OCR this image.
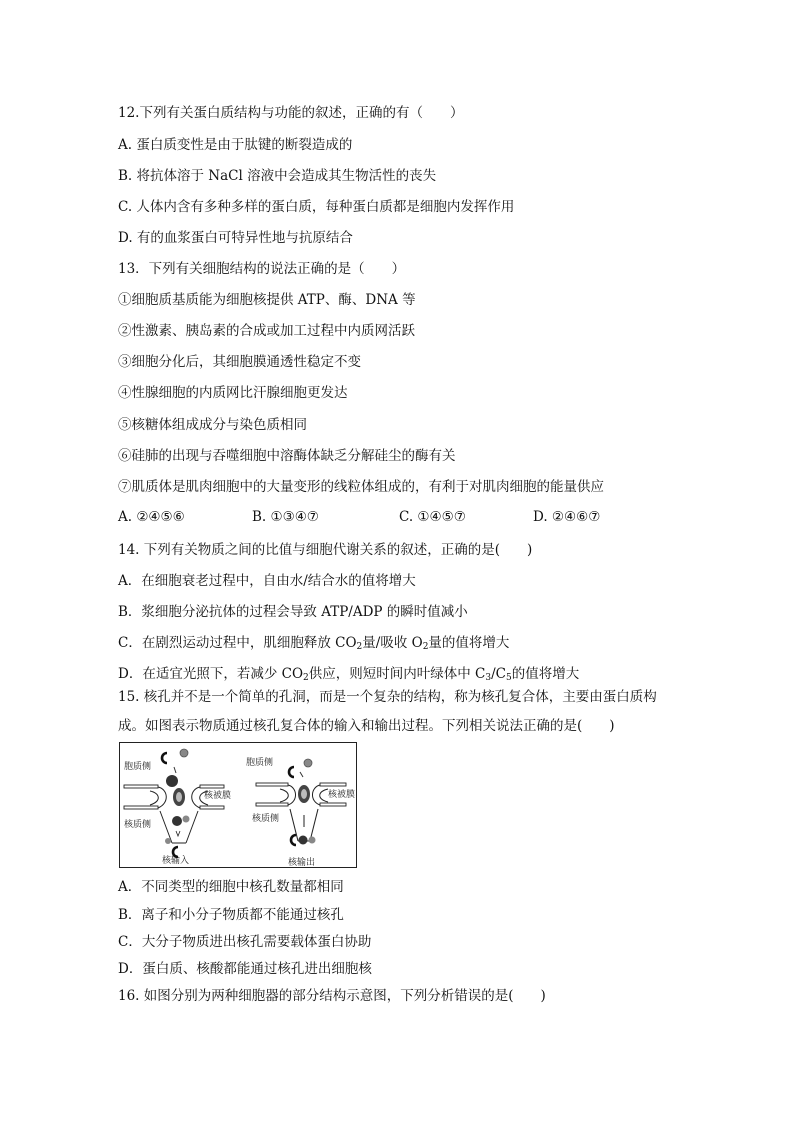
12.下列有关蛋白质结构与功能的叙述，正确的有（　　）
A. 蛋白质变性是由于肽键的断裂造成的
B. 将抗体溶于 NaCl 溶液中会造成其生物活性的丧失
C. 人体内含有多种多样的蛋白质，每种蛋白质都是细胞内发挥作用
D. 有的血浆蛋白可特异性地与抗原结合
13．下列有关细胞结构的说法正确的是（　　）
①细胞质基质能为细胞核提供 ATP、酶、DNA 等
②性激素、胰岛素的合成或加工过程中内质网活跃
③细胞分化后，其细胞膜通透性稳定不变
④性腺细胞的内质网比汗腺细胞更发达
⑤核糖体组成成分与染色质相同
⑥硅肺的出现与吞噬细胞中溶酶体缺乏分解硅尘的酶有关
⑦肌质体是肌肉细胞中的大量变形的线粒体组成的，有利于对肌肉细胞的能量供应
A. ②④⑤⑥	B. ①③④⑦	C. ①④⑤⑦	D. ②④⑥⑦
14. 下列有关物质之间的比值与细胞代谢关系的叙述，正确的是(　　)
A．在细胞衰老过程中，自由水/结合水的值将增大
B．浆细胞分泌抗体的过程会导致 ATP/ADP 的瞬时值减小
C．在剧烈运动过程中，肌细胞释放 $CO_2$量/吸收 $O_2$量的值将增大
D．在适宜光照下，若减少 $CO_2$供应，则短时间内叶绿体中 $C_3/C_5$的值将增大
15. 核孔并不是一个简单的孔洞，而是一个复杂的结构，称为核孔复合体，主要由蛋白质构
成。如图表示物质通过核孔复合体的输入和输出过程。下列相关说法正确的是(　　)
胞质侧
核被膜
核质侧
核输入
胞质侧
核被膜
核质侧
核输出
A．不同类型的细胞中核孔数量都相同
B．离子和小分子物质都不能通过核孔
C．大分子物质进出核孔需要载体蛋白协助
D．蛋白质、核酸都能通过核孔进出细胞核
16. 如图分别为两种细胞器的部分结构示意图，下列分析错误的是(　　)
